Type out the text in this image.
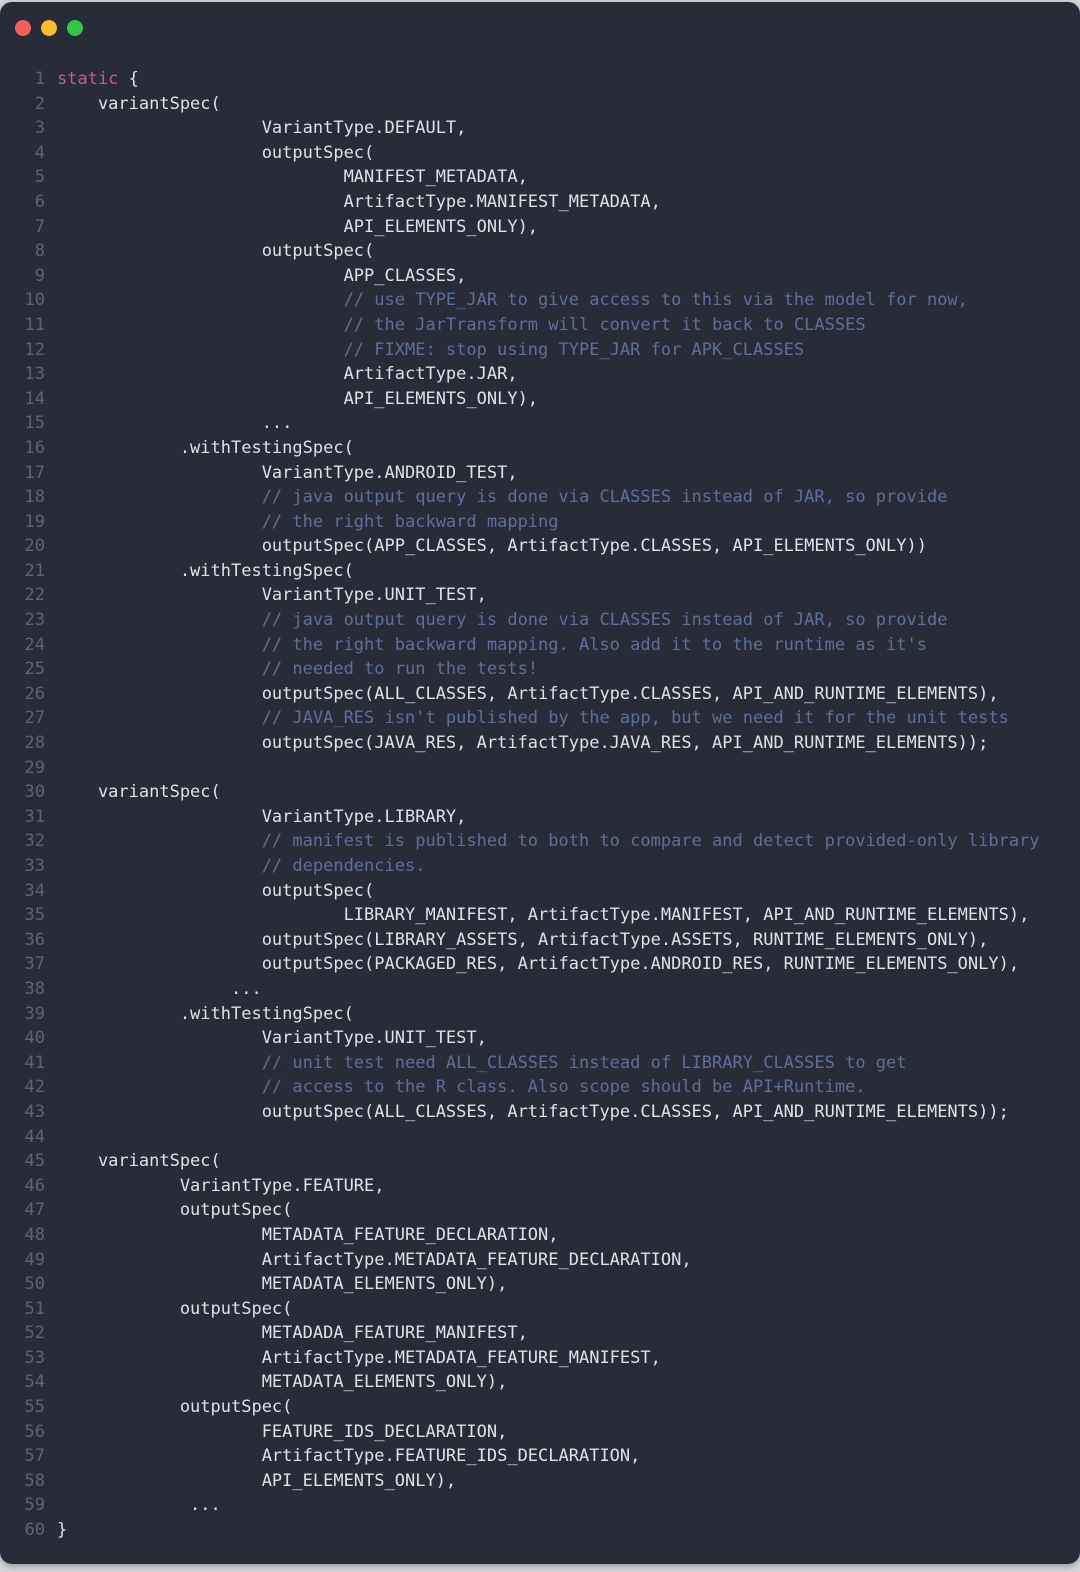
1 static {
2 variantSpec(
3 VariantType.DEFAULT,
4 outputSpec(
5 MANIFEST_METADATA,
6 ArtifactType.MANIFEST_METADATA,
7 API_ELEMENTS_ONLY),
8 outputSpec(
9 APP_CLASSES,
10 // use TYPE_JAR to give access to this via the model for now,
11 // the JarTransform will convert it back to CLASSES
12 // FIXME: stop using TYPE_JAR for APK_CLASSES
13 ArtifactType.JAR,
14 API_ELEMENTS_ONLY),
15 ...
16 .withTestingSpec(
17 VariantType.ANDROID_TEST,
18 // java output query is done via CLASSES instead of JAR, so provide
19 // the right backward mapping
20 outputSpec(APP_CLASSES, ArtifactType.CLASSES, API_ELEMENTS_ONLY))
21 .withTestingSpec(
22 VariantType.UNIT_TEST,
23 // java output query is done via CLASSES instead of JAR, so provide
24 // the right backward mapping. Also add it to the runtime as it's
25 // needed to run the tests!
26 outputSpec(ALL_CLASSES, ArtifactType.CLASSES, API_AND_RUNTIME_ELEMENTS),
27 // JAVA_RES isn't published by the app, but we need it for the unit tests
28 outputSpec(JAVA_RES, ArtifactType.JAVA_RES, API_AND_RUNTIME_ELEMENTS));
29
30 variantSpec(
31 VariantType.LIBRARY,
32 // manifest is published to both to compare and detect provided-only library
33 // dependencies.
34 outputSpec(
35 LIBRARY_MANIFEST, ArtifactType.MANIFEST, API_AND_RUNTIME_ELEMENTS),
36 outputSpec(LIBRARY_ASSETS, ArtifactType.ASSETS, RUNTIME_ELEMENTS_ONLY),
37 outputSpec(PACKAGED_RES, ArtifactType.ANDROID_RES, RUNTIME_ELEMENTS_ONLY),
38 ...
39 .withTestingSpec(
40 VariantType.UNIT_TEST,
41 // unit test need ALL_CLASSES instead of LIBRARY_CLASSES to get
42 // access to the R class. Also scope should be API+Runtime.
43 outputSpec(ALL_CLASSES, ArtifactType.CLASSES, API_AND_RUNTIME_ELEMENTS));
44
45 variantSpec(
46 VariantType.FEATURE,
47 outputSpec(
48 METADATA_FEATURE_DECLARATION,
49 ArtifactType.METADATA_FEATURE_DECLARATION,
50 METADATA_ELEMENTS_ONLY),
51 outputSpec(
52 METADADA_FEATURE_MANIFEST,
53 ArtifactType.METADATA_FEATURE_MANIFEST,
54 METADATA_ELEMENTS_ONLY),
55 outputSpec(
56 FEATURE_IDS_DECLARATION,
57 ArtifactType.FEATURE_IDS_DECLARATION,
58 API_ELEMENTS_ONLY),
59 ...
60 }
